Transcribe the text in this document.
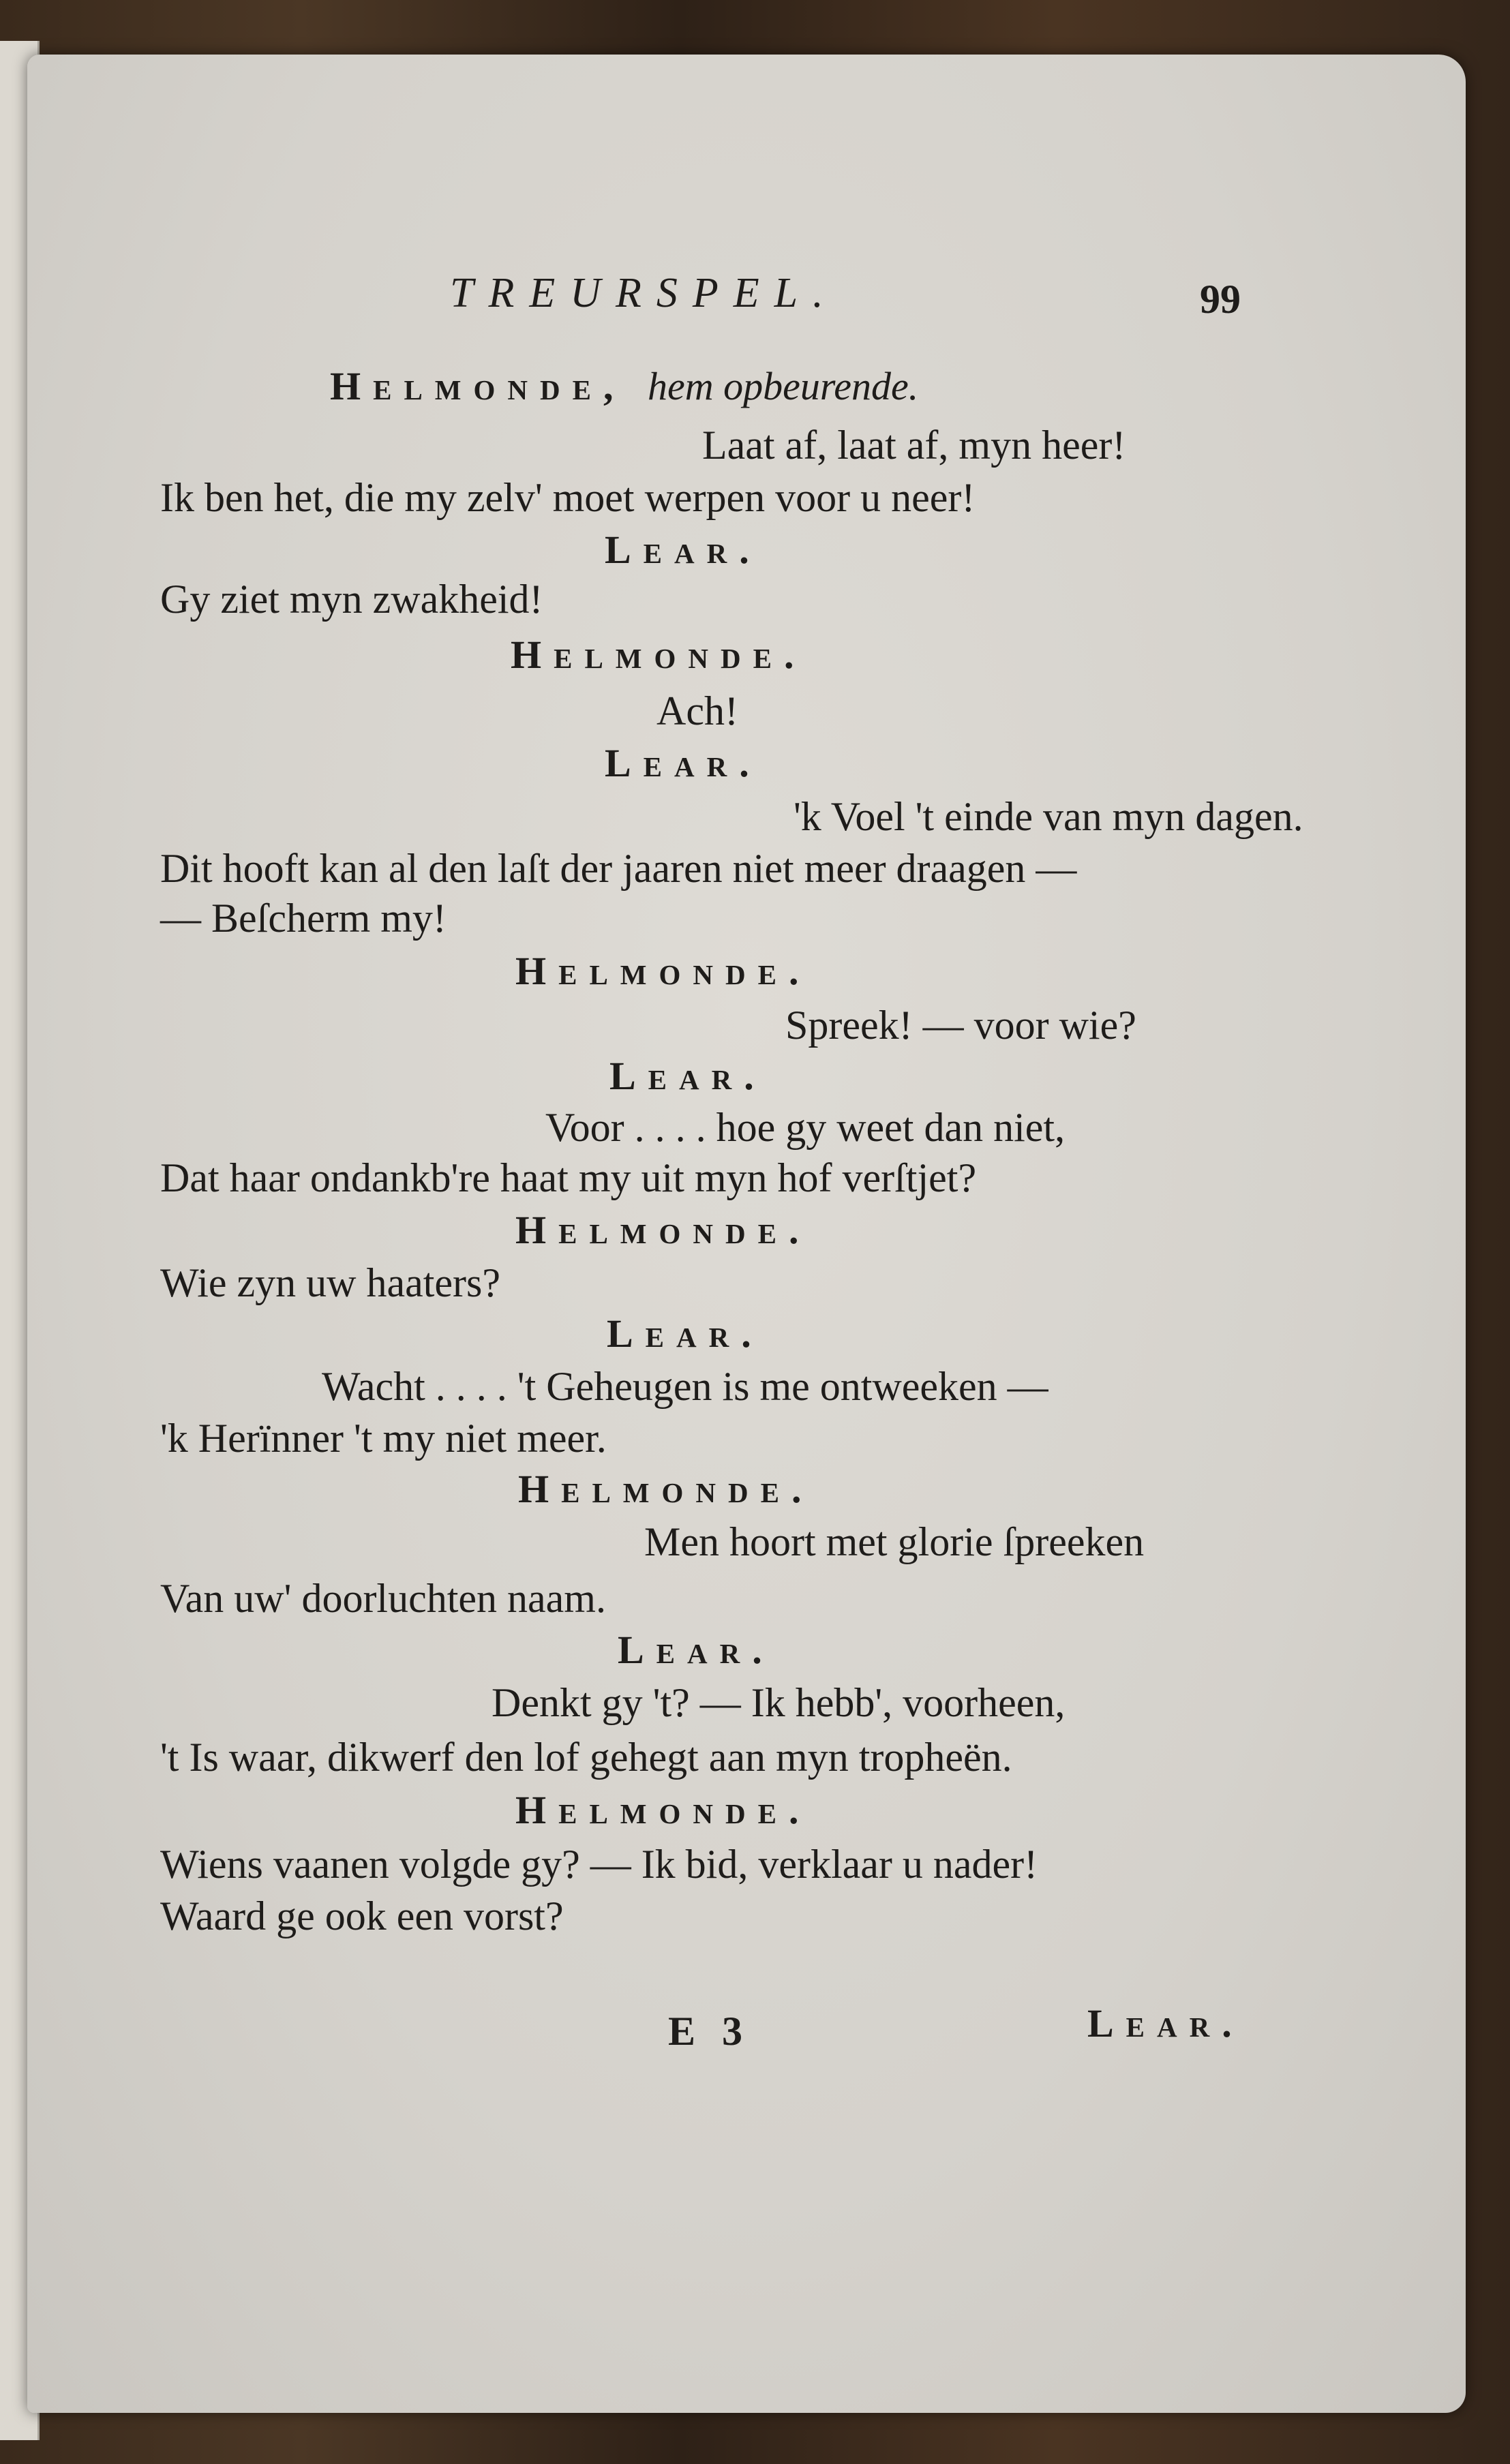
TREURSPEL.	99
Helmonde, hem opbeurende.
Laat af, laat af, myn heer!
Ik ben het, die my zelv' moet werpen voor u neer!
Lear.
Gy ziet myn zwakheid!
Helmonde.
Ach!
Lear.
'k Voel 't einde van myn dagen.
Dit hooft kan al den laſt der jaaren niet meer draagen —
— Beſcherm my!
Helmonde.
Spreek! — voor wie?
Lear.
Voor . . . . hoe gy weet dan niet,
Dat haar ondankb're haat my uit myn hof verſtjet?
Helmonde.
Wie zyn uw haaters?
Lear.
Wacht . . . . 't Geheugen is me ontweeken —
'k Herïnner 't my niet meer.
Helmonde.
Men hoort met glorie ſpreeken
Van uw' doorluchten naam.
Lear.
Denkt gy 't? — Ik hebb', voorheen,
't Is waar, dikwerf den lof gehegt aan myn tropheën.
Helmonde.
Wiens vaanen volgde gy? — Ik bid, verklaar u nader!
Waard ge ook een vorst?
E 3	Lear.
